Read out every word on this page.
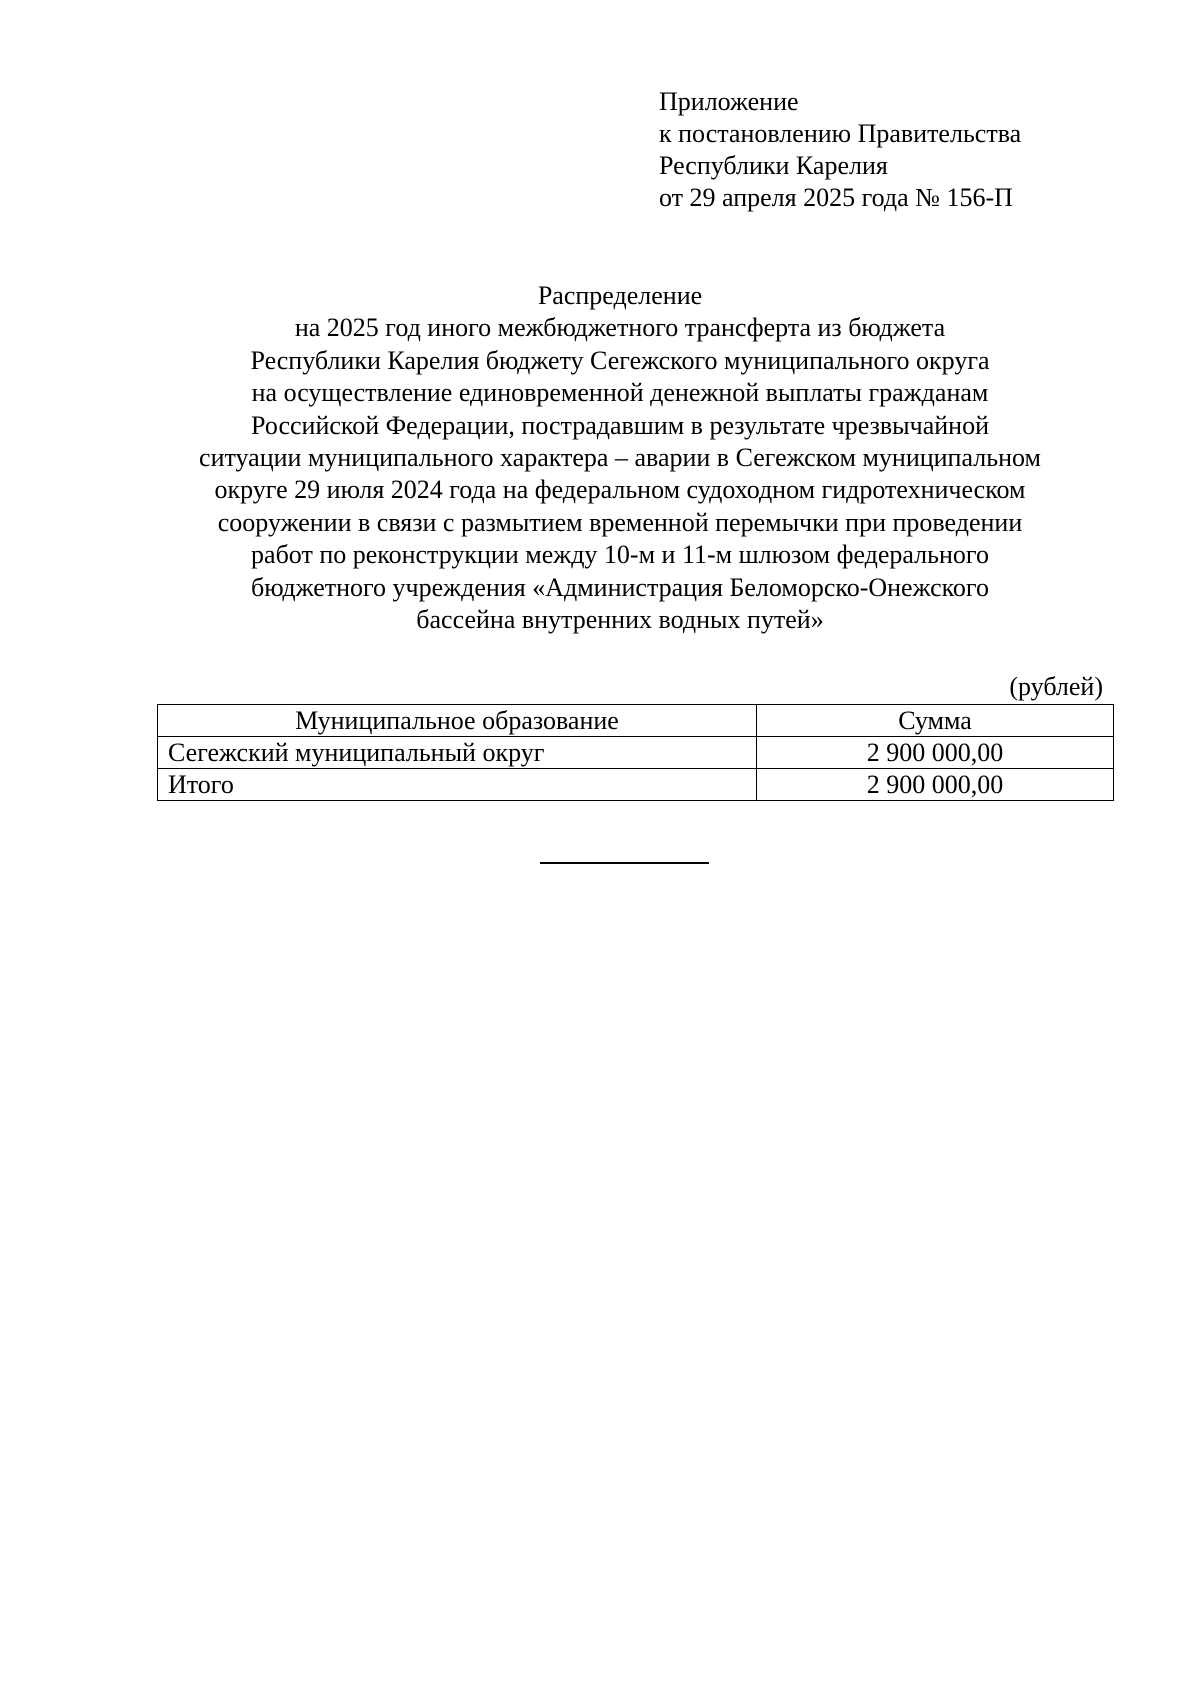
Приложение
к постановлению Правительства
Республики Карелия
от 29 апреля 2025 года № 156-П
Распределение
на 2025 год иного межбюджетного трансферта из бюджета
Республики Карелия бюджету Сегежского муниципального округа
на осуществление единовременной денежной выплаты гражданам
Российской Федерации, пострадавшим в результате чрезвычайной
ситуации муниципального характера – аварии в Сегежском муниципальном
округе 29 июля 2024 года на федеральном судоходном гидротехническом
сооружении в связи с размытием временной перемычки при проведении
работ по реконструкции между 10-м и 11-м шлюзом федерального
бюджетного учреждения «Администрация Беломорско-Онежского
бассейна внутренних водных путей»
(рублей)
Муниципальное образование	Сумма
Сегежский муниципальный округ	2 900 000,00
Итого	2 900 000,00
